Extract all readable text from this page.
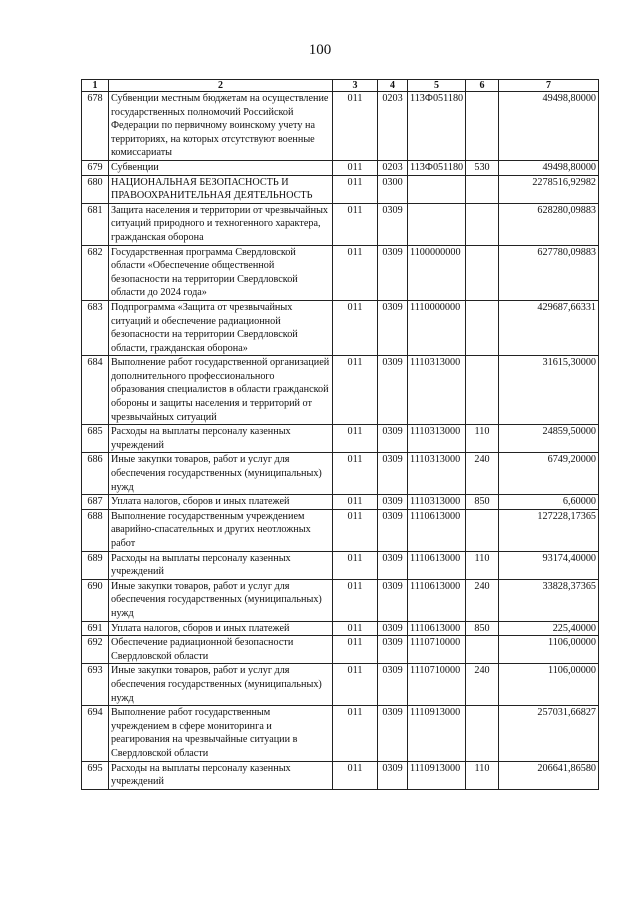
100
1	2	3	4	5	6	7
678	Субвенции местным бюджетам на осуществление государственных полномочий Российской Федерации по первичному воинскому учету на территориях, на которых отсутствуют военные комиссариаты	011	0203	113Ф051180		49498,80000
679	Субвенции	011	0203	113Ф051180	530	49498,80000
680	НАЦИОНАЛЬНАЯ БЕЗОПАСНОСТЬ И ПРАВООХРАНИТЕЛЬНАЯ ДЕЯТЕЛЬНОСТЬ	011	0300			2278516,92982
681	Защита населения и территории от чрезвычайных ситуаций природного и техногенного характера, гражданская оборона	011	0309			628280,09883
682	Государственная программа Свердловской области «Обеспечение общественной безопасности на территории Свердловской области до 2024 года»	011	0309	1100000000		627780,09883
683	Подпрограмма «Защита от чрезвычайных ситуаций и обеспечение радиационной безопасности на территории Свердловской области, гражданская оборона»	011	0309	1110000000		429687,66331
684	Выполнение работ государственной организацией дополнительного профессионального образования специалистов в области гражданской обороны и защиты населения и территорий от чрезвычайных ситуаций	011	0309	1110313000		31615,30000
685	Расходы на выплаты персоналу казенных учреждений	011	0309	1110313000	110	24859,50000
686	Иные закупки товаров, работ и услуг для обеспечения государственных (муниципальных) нужд	011	0309	1110313000	240	6749,20000
687	Уплата налогов, сборов и иных платежей	011	0309	1110313000	850	6,60000
688	Выполнение государственным учреждением аварийно-спасательных и других неотложных работ	011	0309	1110613000		127228,17365
689	Расходы на выплаты персоналу казенных учреждений	011	0309	1110613000	110	93174,40000
690	Иные закупки товаров, работ и услуг для обеспечения государственных (муниципальных) нужд	011	0309	1110613000	240	33828,37365
691	Уплата налогов, сборов и иных платежей	011	0309	1110613000	850	225,40000
692	Обеспечение радиационной безопасности Свердловской области	011	0309	1110710000		1106,00000
693	Иные закупки товаров, работ и услуг для обеспечения государственных (муниципальных) нужд	011	0309	1110710000	240	1106,00000
694	Выполнение работ государственным учреждением в сфере мониторинга и реагирования на чрезвычайные ситуации в Свердловской области	011	0309	1110913000		257031,66827
695	Расходы на выплаты персоналу казенных учреждений	011	0309	1110913000	110	206641,86580
